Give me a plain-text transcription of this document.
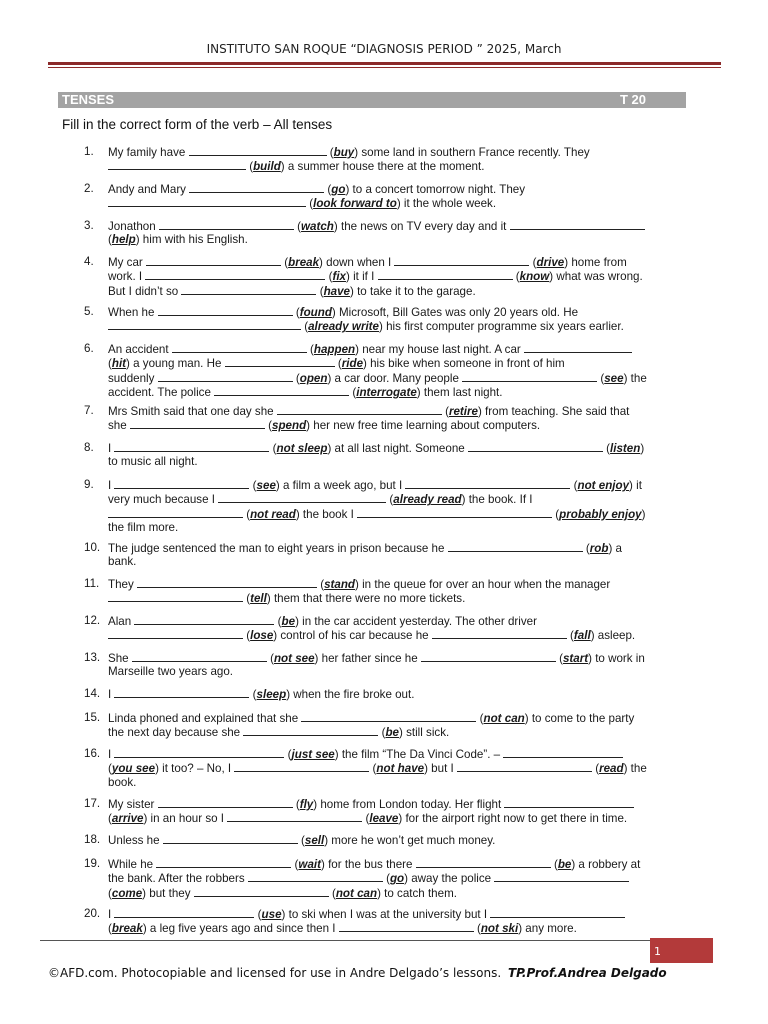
INSTITUTO SAN ROQUE “DIAGNOSIS PERIOD ” 2025, March
TENSES	T 20
Fill in the correct form of the verb – All tenses
1. My family have	(buy) some land in southern France recently. They
(build) a summer house there at the moment.
2. Andy and Mary	(go) to a concert tomorrow night. They
(look forward to) it the whole week.
3. Jonathon	(watch) the news on TV every day and it
(help) him with his English.
4. My car	(break) down when I	(drive) home from
work. I	(fix) it if I	(know) what was wrong.
But I didn’t so	(have) to take it to the garage.
5. When he	(found) Microsoft, Bill Gates was only 20 years old. He
(already write) his first computer programme six years earlier.
6. An accident	(happen) near my house last night. A car
(hit) a young man. He	(ride) his bike when someone in front of him
suddenly	(open) a car door. Many people	(see) the
accident. The police	(interrogate) them last night.
7. Mrs Smith said that one day she	(retire) from teaching. She said that
she	(spend) her new free time learning about computers.
8. I	(not sleep) at all last night. Someone	(listen)
to music all night.
9. I	(see) a film a week ago, but I	(not enjoy) it
very much because I	(already read) the book. If I
(not read) the book I	(probably enjoy)
the film more.
10. The judge sentenced the man to eight years in prison because he	(rob) a
bank.
11. They	(stand) in the queue for over an hour when the manager
(tell) them that there were no more tickets.
12. Alan	(be) in the car accident yesterday. The other driver
(lose) control of his car because he	(fall) asleep.
13. She	(not see) her father since he	(start) to work in
Marseille two years ago.
14. I	(sleep) when the fire broke out.
15. Linda phoned and explained that she	(not can) to come to the party
the next day because she	(be) still sick.
16. I	(just see) the film “The Da Vinci Code”. –
(you see) it too? – No, I	(not have) but I	(read) the
book.
17. My sister	(fly) home from London today. Her flight
(arrive) in an hour so I	(leave) for the airport right now to get there in time.
18. Unless he	(sell) more he won’t get much money.
19. While he	(wait) for the bus there	(be) a robbery at
the bank. After the robbers	(go) away the police
(come) but they	(not can) to catch them.
20. I	(use) to ski when I was at the university but I
(break) a leg five years ago and since then I	(not ski) any more.
1
©AFD.com. Photocopiable and licensed for use in Andre Delgado’s lessons. TP.Prof.Andrea Delgado
